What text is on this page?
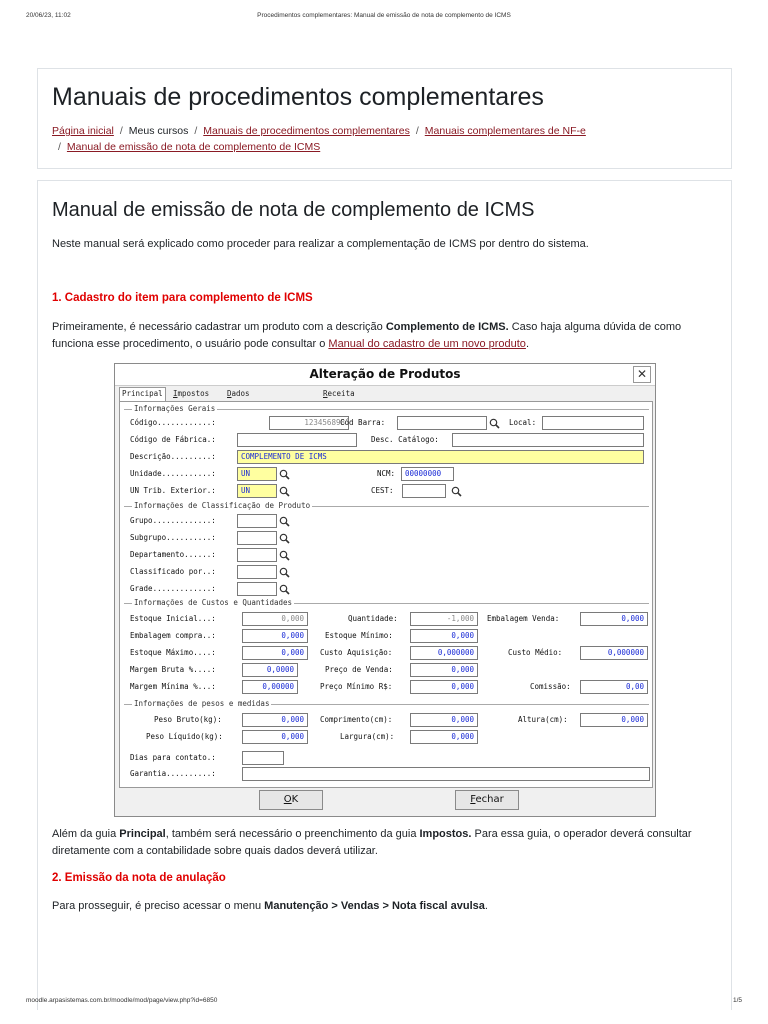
20/06/23, 11:02	Procedimentos complementares: Manual de emissão de nota de complemento de ICMS
Manuais de procedimentos complementares
Página inicial / Meus cursos / Manuais de procedimentos complementares / Manuais complementares de NF-e
/ Manual de emissão de nota de complemento de ICMS
Manual de emissão de nota de complemento de ICMS
Neste manual será explicado como proceder para realizar a complementação de ICMS por dentro do sistema.
1. Cadastro do item para complemento de ICMS
Primeiramente, é necessário cadastrar um produto com a descrição Complemento de ICMS. Caso haja alguma dúvida de como funciona esse procedimento, o usuário pode consultar o Manual do cadastro de um novo produto.
Alteração de Produtos	✕
Principal	Impostos Dados	Receita
Informações Gerais
Código............:	123456898
Cód Barra:	Local:
Código de Fábrica.:	Desc. Catálogo:
Descrição.........:	COMPLEMENTO DE ICMS
Unidade...........:	UN	NCM:	00000000
UN Trib. Exterior.:	UN	CEST:
Informações de Classificação de Produto
Grupo.............:
Subgrupo..........:
Departamento......:
Classificado por..:
Grade.............:
Informações de Custos e Quantidades
Estoque Inicial...:	0,000	Quantidade:	-1,000	Embalagem Venda:	0,000
Embalagem compra..:	0,000	Estoque Mínimo:	0,000
Estoque Máximo....:	0,000	Custo Aquisição:	0,000000	Custo Médio:	0,000000
Margem Bruta %....:	0,0000	Preço de Venda:	0,000
Margem Mínima %...:	0,00000	Preço Mínimo R$:	0,000	Comissão:	0,00
Informações de pesos e medidas
Peso Bruto(kg):	0,000	Comprimento(cm):	0,000	Altura(cm):	0,000
Peso Líquido(kg):	0,000	Largura(cm):	0,000
Dias para contato.:
Garantia..........:
OK	Fechar
Além da guia Principal, também será necessário o preenchimento da guia Impostos. Para essa guia, o operador deverá consultar diretamente com a contabilidade sobre quais dados deverá utilizar.
2. Emissão da nota de anulação
Para prosseguir, é preciso acessar o menu Manutenção > Vendas > Nota fiscal avulsa.
moodle.arpasistemas.com.br/moodle/mod/page/view.php?id=6850	1/5
